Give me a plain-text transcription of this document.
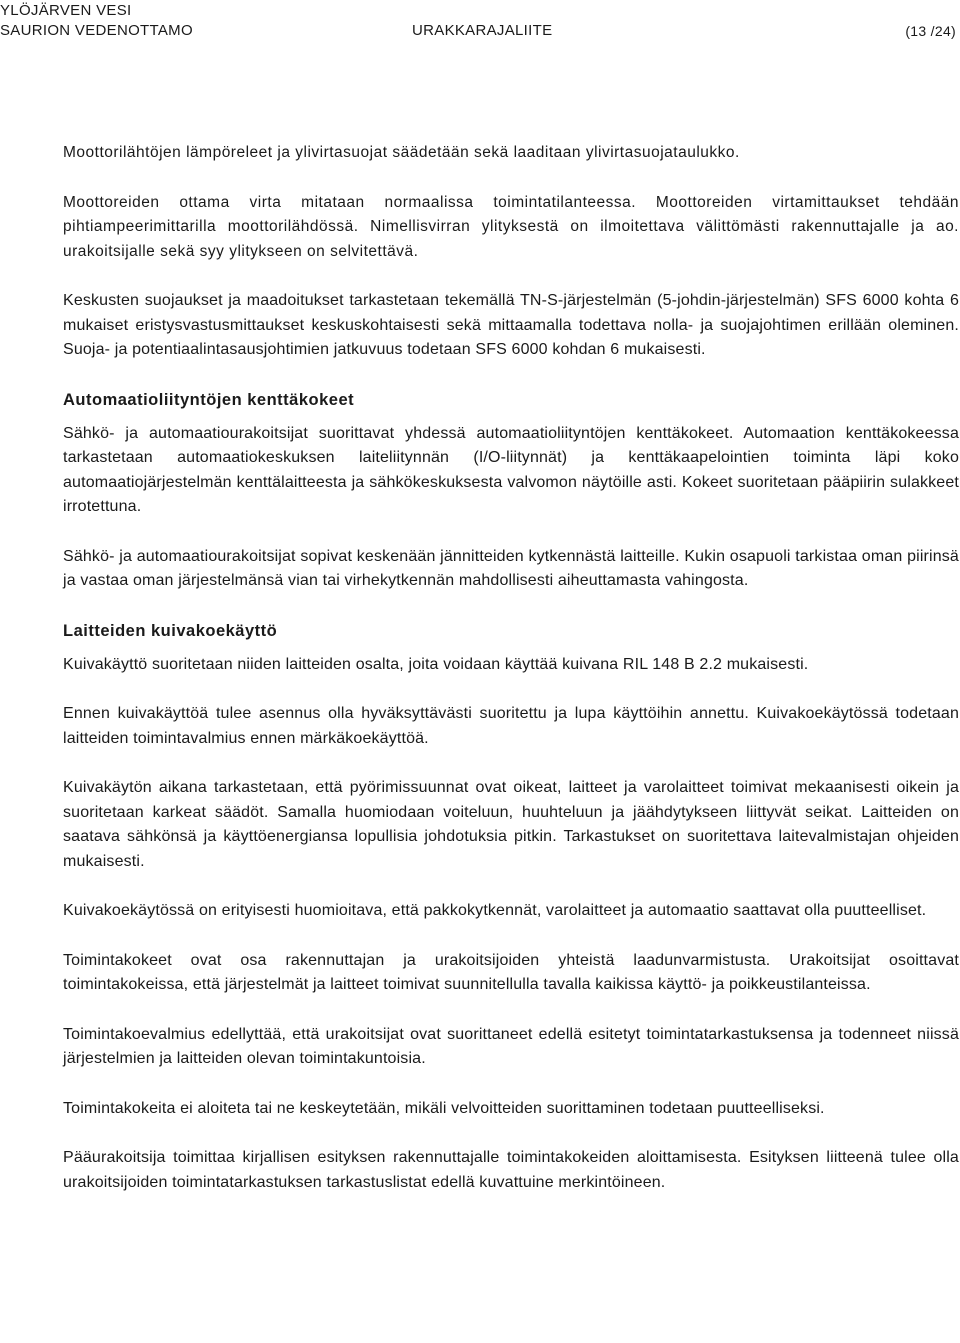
YLÖJÄRVEN VESI
SAURION VEDENOTTAMO	URAKKARAJALIITE	(13 /24)

Moottorilähtöjen lämpöreleet ja ylivirtasuojat säädetään sekä laaditaan ylivirtasuojataulukko.

Moottoreiden ottama virta mitataan normaalissa toimintatilanteessa. Moottoreiden virtamittaukset tehdään pihtiampeerimittarilla moottorilähdössä. Nimellisvirran ylityksestä on ilmoitettava välittömästi rakennuttajalle ja ao. urakoitsijalle sekä syy ylitykseen on selvitettävä.

Keskusten suojaukset ja maadoitukset tarkastetaan tekemällä TN-S-järjestelmän (5-johdin-järjestelmän) SFS 6000 kohta 6 mukaiset eristysvastusmittaukset keskuskohtaisesti sekä mittaamalla todettava nolla- ja suojajohtimen erillään oleminen. Suoja- ja potentiaalintasausjohtimien jatkuvuus todetaan SFS 6000 kohdan 6 mukaisesti.

Automaatioliityntöjen kenttäkokeet

Sähkö- ja automaatiourakoitsijat suorittavat yhdessä automaatioliityntöjen kenttäkokeet. Automaation kenttäkokeessa tarkastetaan automaatiokeskuksen laiteliitynnän (I/O-liitynnät) ja kenttäkaapelointien toiminta läpi koko automaatiojärjestelmän kenttälaitteesta ja sähkökeskuksesta valvomon näytöille asti. Kokeet suoritetaan pääpiirin sulakkeet irrotettuna.

Sähkö- ja automaatiourakoitsijat sopivat keskenään jännitteiden kytkennästä laitteille. Kukin osapuoli tarkistaa oman piirinsä ja vastaa oman järjestelmänsä vian tai virhekytkennän mahdollisesti aiheuttamasta vahingosta.

Laitteiden kuivakoekäyttö

Kuivakäyttö suoritetaan niiden laitteiden osalta, joita voidaan käyttää kuivana RIL 148 B 2.2 mukaisesti.

Ennen kuivakäyttöä tulee asennus olla hyväksyttävästi suoritettu ja lupa käyttöihin annettu. Kuivakoekäytössä todetaan laitteiden toimintavalmius ennen märkäkoekäyttöä.

Kuivakäytön aikana tarkastetaan, että pyörimissuunnat ovat oikeat, laitteet ja varolaitteet toimivat mekaanisesti oikein ja suoritetaan karkeat säädöt. Samalla huomiodaan voiteluun, huuhteluun ja jäähdytykseen liittyvät seikat. Laitteiden on saatava sähkönsä ja käyttöenergiansa lopullisia johdotuksia pitkin. Tarkastukset on suoritettava laitevalmistajan ohjeiden mukaisesti.

Kuivakoekäytössä on erityisesti huomioitava, että pakkokytkennät, varolaitteet ja automaatio saattavat olla puutteelliset.

Toimintakokeet ovat osa rakennuttajan ja urakoitsijoiden yhteistä laadunvarmistusta. Urakoitsijat osoittavat toimintakokeissa, että järjestelmät ja laitteet toimivat suunnitellulla tavalla kaikissa käyttö- ja poikkeustilanteissa.

Toimintakoevalmius edellyttää, että urakoitsijat ovat suorittaneet edellä esitetyt toimintatarkastuksensa ja todenneet niissä järjestelmien ja laitteiden olevan toimintakuntoisia.

Toimintakokeita ei aloiteta tai ne keskeytetään, mikäli velvoitteiden suorittaminen todetaan puutteelliseksi.

Pääurakoitsija toimittaa kirjallisen esityksen rakennuttajalle toimintakokeiden aloittamisesta. Esityksen liitteenä tulee olla urakoitsijoiden toimintatarkastuksen tarkastuslistat edellä kuvattuine merkintöineen.
